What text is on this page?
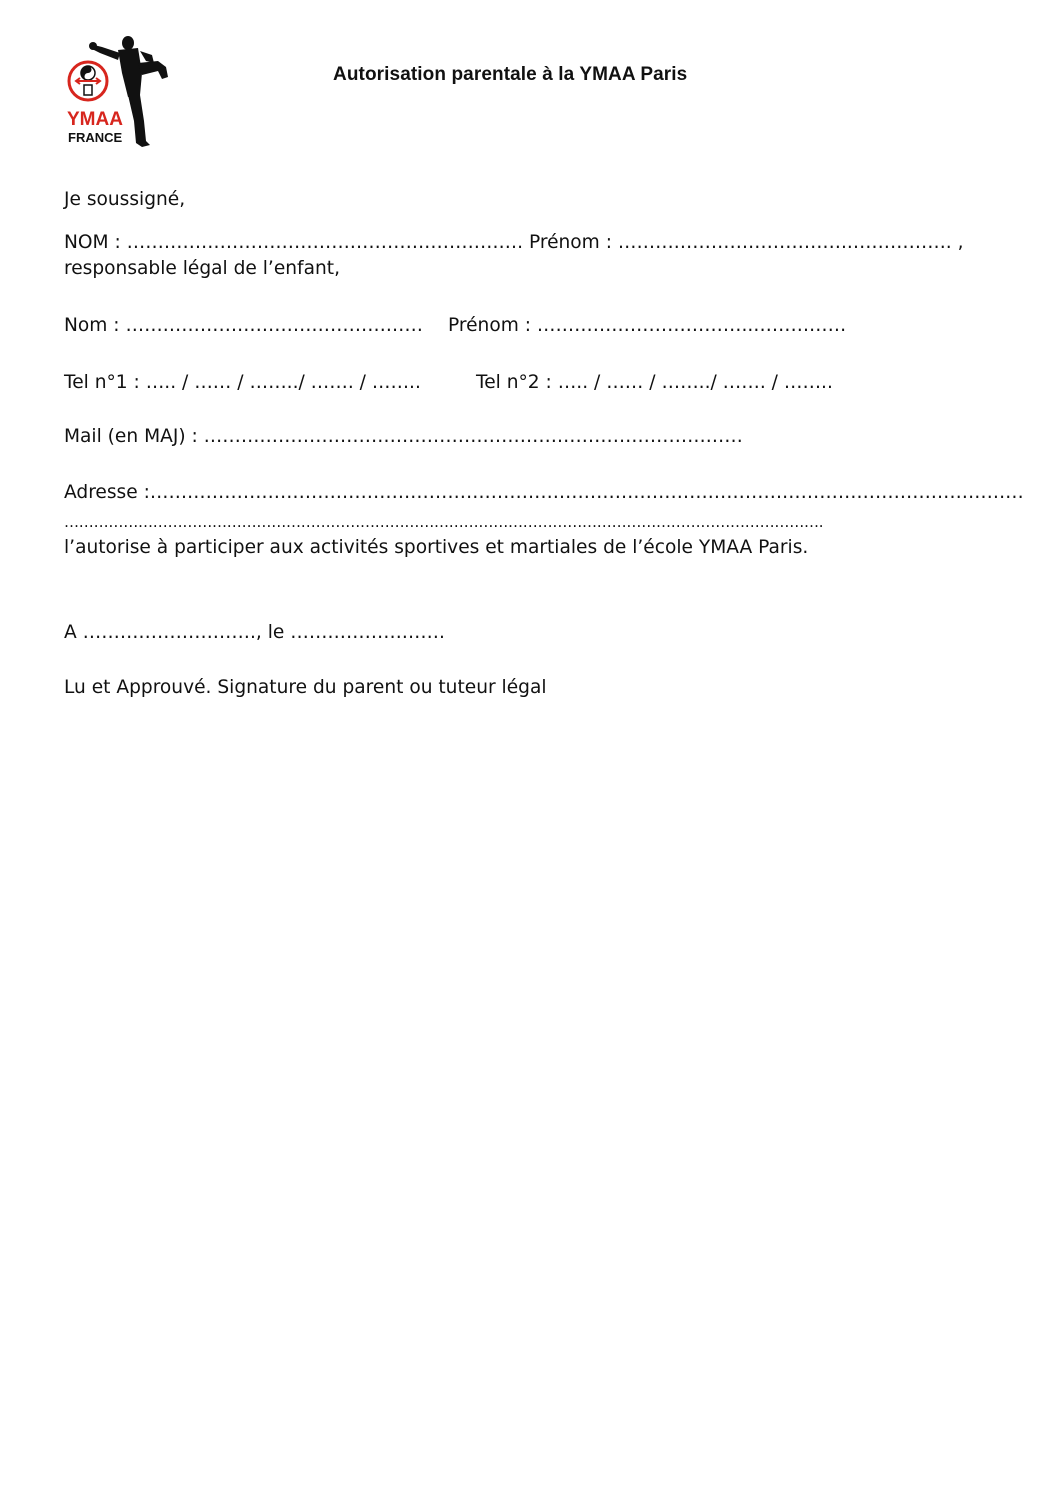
YMAA
FRANCE
Autorisation parentale à la YMAA Paris
Je soussigné,
NOM : ………………………………………………………. Prénom : ………………………………..……………. ,
responsable légal de l’enfant,
Nom : ………………………………………… Prénom : ……………………………..……………
Tel n°1 : ….. / …… / ……../ ……. / ……..	Tel n°2 : ….. / …… / ……../ ……. / ……..
Mail (en MAJ) : ……………………………………………………………………………
Adresse :……………………………………………………………………………………………………………………………
……………………………………………………………………………………………………………………………………….
l’autorise à participer aux activités sportives et martiales de l’école YMAA Paris.
A ………………………., le …………………….
Lu et Approuvé. Signature du parent ou tuteur légal
